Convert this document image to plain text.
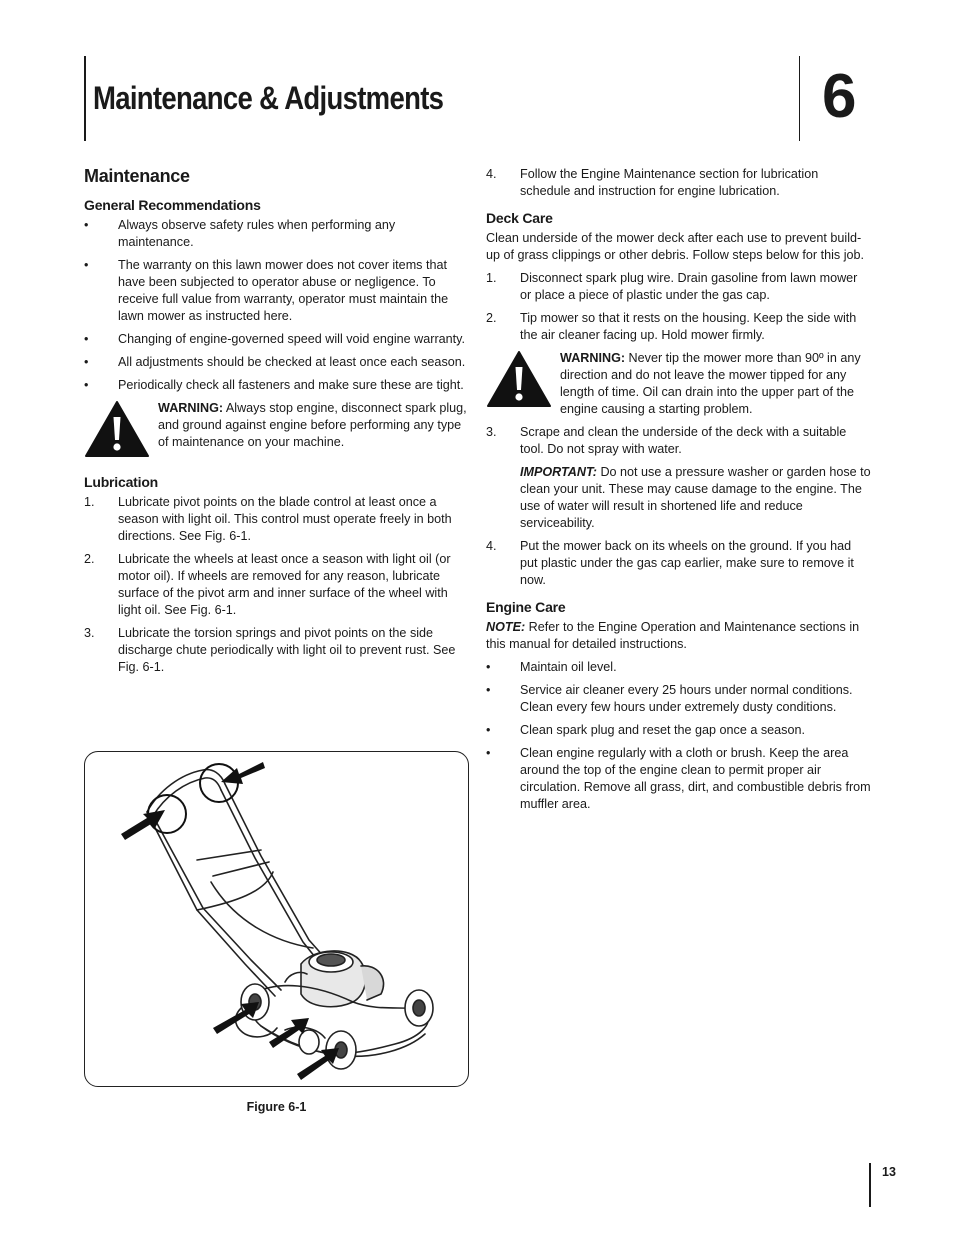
Maintenance & Adjustments	6
Maintenance
General Recommendations
• Always observe safety rules when performing any maintenance.
• The warranty on this lawn mower does not cover items that have been subjected to operator abuse or negligence. To receive full value from warranty, operator must maintain the lawn mower as instructed here.
• Changing of engine-governed speed will void engine warranty.
• All adjustments should be checked at least once each season.
• Periodically check all fasteners and make sure these are tight.
WARNING: Always stop engine, disconnect spark plug, and ground against engine before performing any type of maintenance on your machine.
Lubrication
1. Lubricate pivot points on the blade control at least once a season with light oil. This control must operate freely in both directions. See Fig. 6-1.
2. Lubricate the wheels at least once a season with light oil (or motor oil). If wheels are removed for any reason, lubricate surface of the pivot arm and inner surface of the wheel with light oil. See Fig. 6-1.
3. Lubricate the torsion springs and pivot points on the side discharge chute periodically with light oil to prevent rust. See Fig. 6-1.
Figure 6-1
4. Follow the Engine Maintenance section for lubrication schedule and instruction for engine lubrication.
Deck Care
Clean underside of the mower deck after each use to prevent build-up of grass clippings or other debris. Follow steps below for this job.
1. Disconnect spark plug wire. Drain gasoline from lawn mower or place a piece of plastic under the gas cap.
2. Tip mower so that it rests on the housing. Keep the side with the air cleaner facing up. Hold mower firmly.
WARNING: Never tip the mower more than 90º in any direction and do not leave the mower tipped for any length of time. Oil can drain into the upper part of the engine causing a starting problem.
3. Scrape and clean the underside of the deck with a suitable tool. Do not spray with water.
IMPORTANT: Do not use a pressure washer or garden hose to clean your unit. These may cause damage to the engine. The use of water will result in shortened life and reduce serviceability.
4. Put the mower back on its wheels on the ground. If you had put plastic under the gas cap earlier, make sure to remove it now.
Engine Care
NOTE: Refer to the Engine Operation and Maintenance sections in this manual for detailed instructions.
• Maintain oil level.
• Service air cleaner every 25 hours under normal conditions. Clean every few hours under extremely dusty conditions.
• Clean spark plug and reset the gap once a season.
• Clean engine regularly with a cloth or brush. Keep the area around the top of the engine clean to permit proper air circulation. Remove all grass, dirt, and combustible debris from muffler area.
13
